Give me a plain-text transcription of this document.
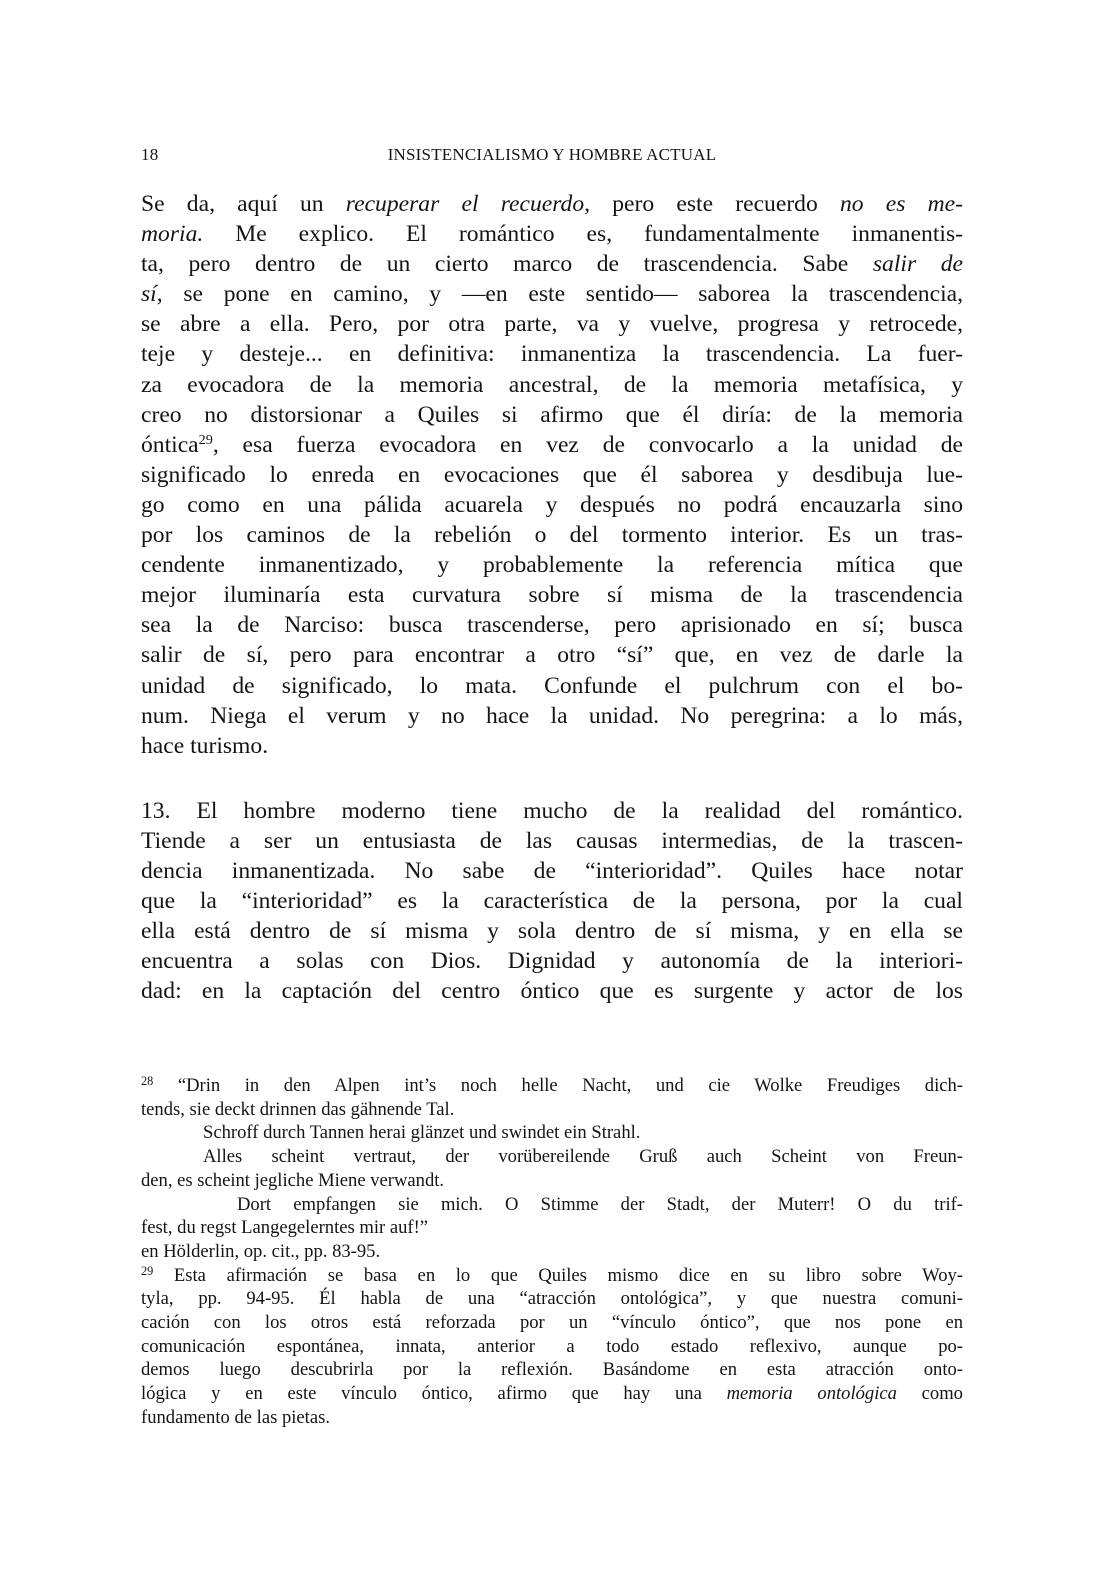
18	INSISTENCIALISMO Y HOMBRE ACTUAL
Se da, aquí un recuperar el recuerdo, pero este recuerdo no es me-
moria. Me explico. El romántico es, fundamentalmente inmanentis-
ta, pero dentro de un cierto marco de trascendencia. Sabe salir de
sí, se pone en camino, y —en este sentido— saborea la trascendencia,
se abre a ella. Pero, por otra parte, va y vuelve, progresa y retrocede,
teje y desteje... en definitiva: inmanentiza la trascendencia. La fuer-
za evocadora de la memoria ancestral, de la memoria metafísica, y
creo no distorsionar a Quiles si afirmo que él diría: de la memoria
óntica$^{29}$, esa fuerza evocadora en vez de convocarlo a la unidad de
significado lo enreda en evocaciones que él saborea y desdibuja lue-
go como en una pálida acuarela y después no podrá encauzarla sino
por los caminos de la rebelión o del tormento interior. Es un tras-
cendente inmanentizado, y probablemente la referencia mítica que
mejor iluminaría esta curvatura sobre sí misma de la trascendencia
sea la de Narciso: busca trascenderse, pero aprisionado en sí; busca
salir de sí, pero para encontrar a otro “sí” que, en vez de darle la
unidad de significado, lo mata. Confunde el pulchrum con el bo-
num. Niega el verum y no hace la unidad. No peregrina: a lo más,
hace turismo.
13. El hombre moderno tiene mucho de la realidad del romántico.
Tiende a ser un entusiasta de las causas intermedias, de la trascen-
dencia inmanentizada. No sabe de “interioridad”. Quiles hace notar
que la “interioridad” es la característica de la persona, por la cual
ella está dentro de sí misma y sola dentro de sí misma, y en ella se
encuentra a solas con Dios. Dignidad y autonomía de la interiori-
dad: en la captación del centro óntico que es surgente y actor de los
$^{28}$ “Drin in den Alpen int’s noch helle Nacht, und cie Wolke Freudiges dich-
tends, sie deckt drinnen das gähnende Tal.
Schroff durch Tannen herai glänzet und swindet ein Strahl.
Alles scheint vertraut, der vorübereilende Gruß auch Scheint von Freun-
den, es scheint jegliche Miene verwandt.
Dort empfangen sie mich. O Stimme der Stadt, der Muterr! O du trif-
fest, du regst Langegelerntes mir auf!”
en Hölderlin, op. cit., pp. 83-95.
$^{29}$ Esta afirmación se basa en lo que Quiles mismo dice en su libro sobre Woy-
tyla, pp. 94-95. Él habla de una “atracción ontológica”, y que nuestra comuni-
cación con los otros está reforzada por un “vínculo óntico”, que nos pone en
comunicación espontánea, innata, anterior a todo estado reflexivo, aunque po-
demos luego descubrirla por la reflexión. Basándome en esta atracción onto-
lógica y en este vínculo óntico, afirmo que hay una memoria ontológica como
fundamento de las pietas.
